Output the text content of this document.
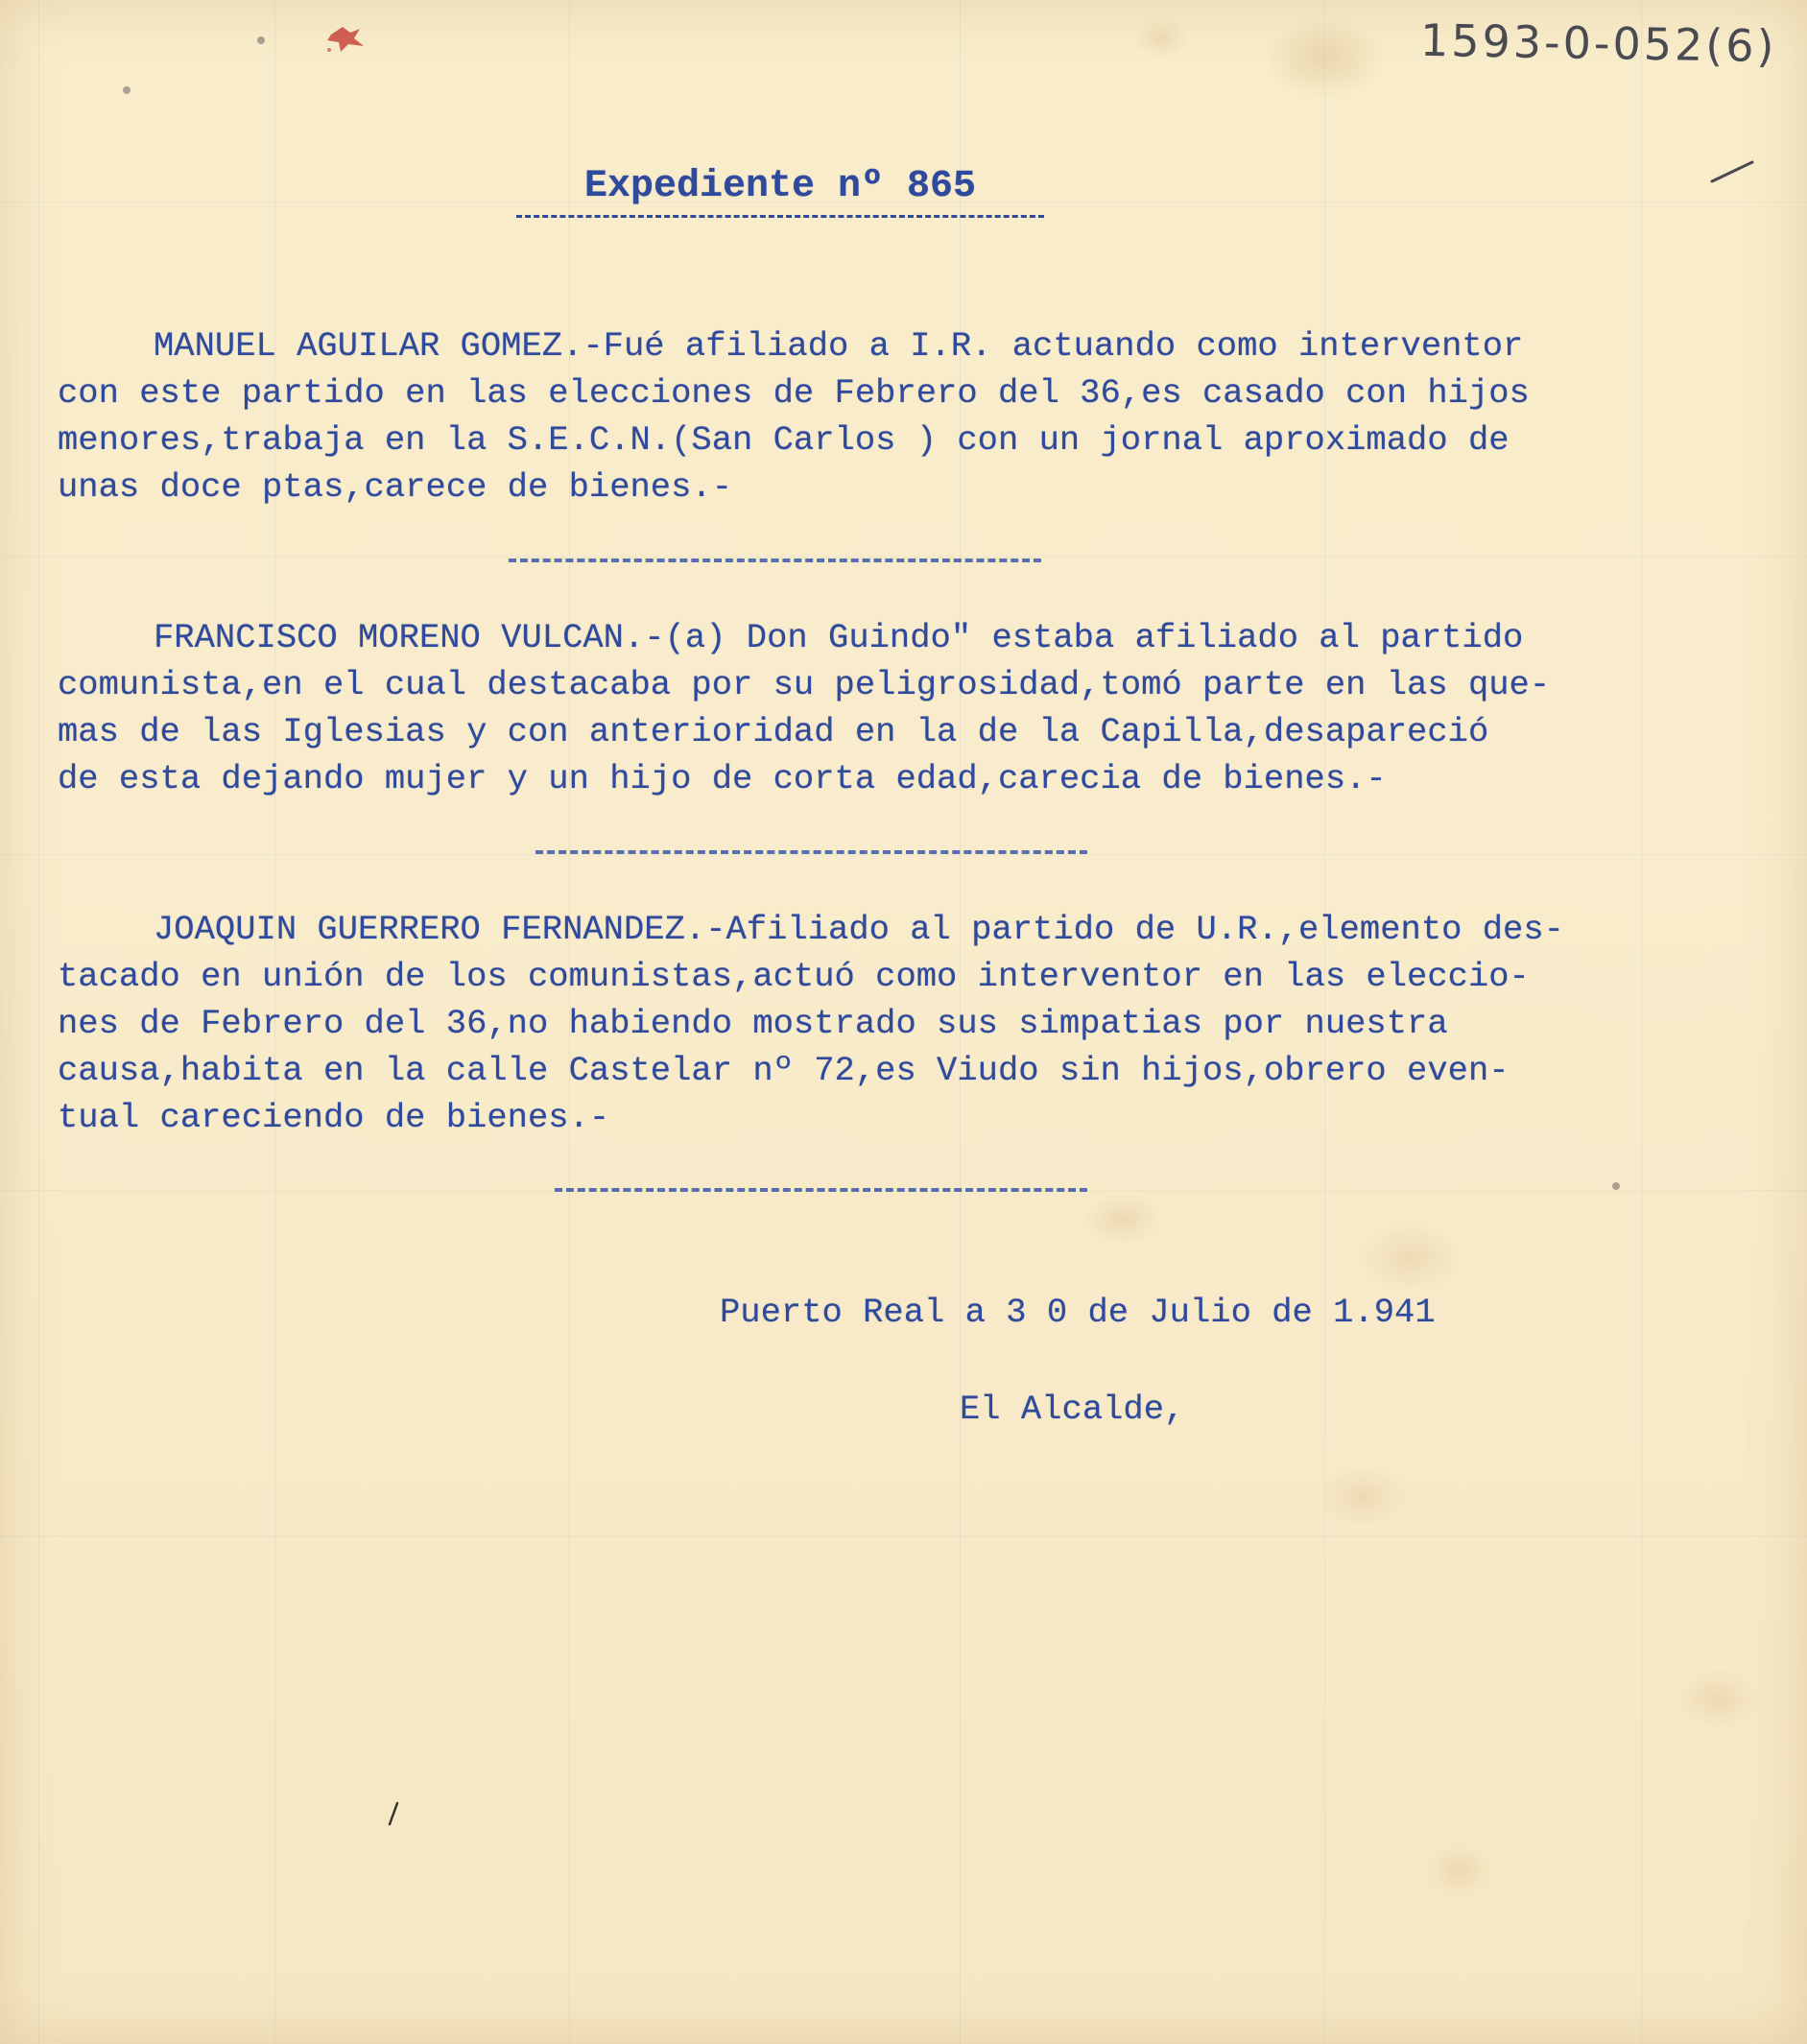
1593-0-052(6)
Expediente nº 865
MANUEL AGUILAR GOMEZ.-Fué afiliado a I.R. actuando como interventor
con este partido en las elecciones de Febrero del 36,es casado con hijos
menores,trabaja en la S.E.C.N.(San Carlos ) con un jornal aproximado de
unas doce ptas,carece de bienes.-
FRANCISCO MORENO VULCAN.-(a) Don Guindo" estaba afiliado al partido
comunista,en el cual destacaba por su peligrosidad,tomó parte en las que-
mas de las Iglesias y con anterioridad en la de la Capilla,desapareció
de esta dejando mujer y un hijo de corta edad,carecia de bienes.-
JOAQUIN GUERRERO FERNANDEZ.-Afiliado al partido de U.R.,elemento des-
tacado en unión de los comunistas,actuó como interventor en las eleccio-
nes de Febrero del 36,no habiendo mostrado sus simpatias por nuestra
causa,habita en la calle Castelar nº 72,es Viudo sin hijos,obrero even-
tual careciendo de bienes.-
Puerto Real a 3 0 de Julio de 1.941
El Alcalde,
